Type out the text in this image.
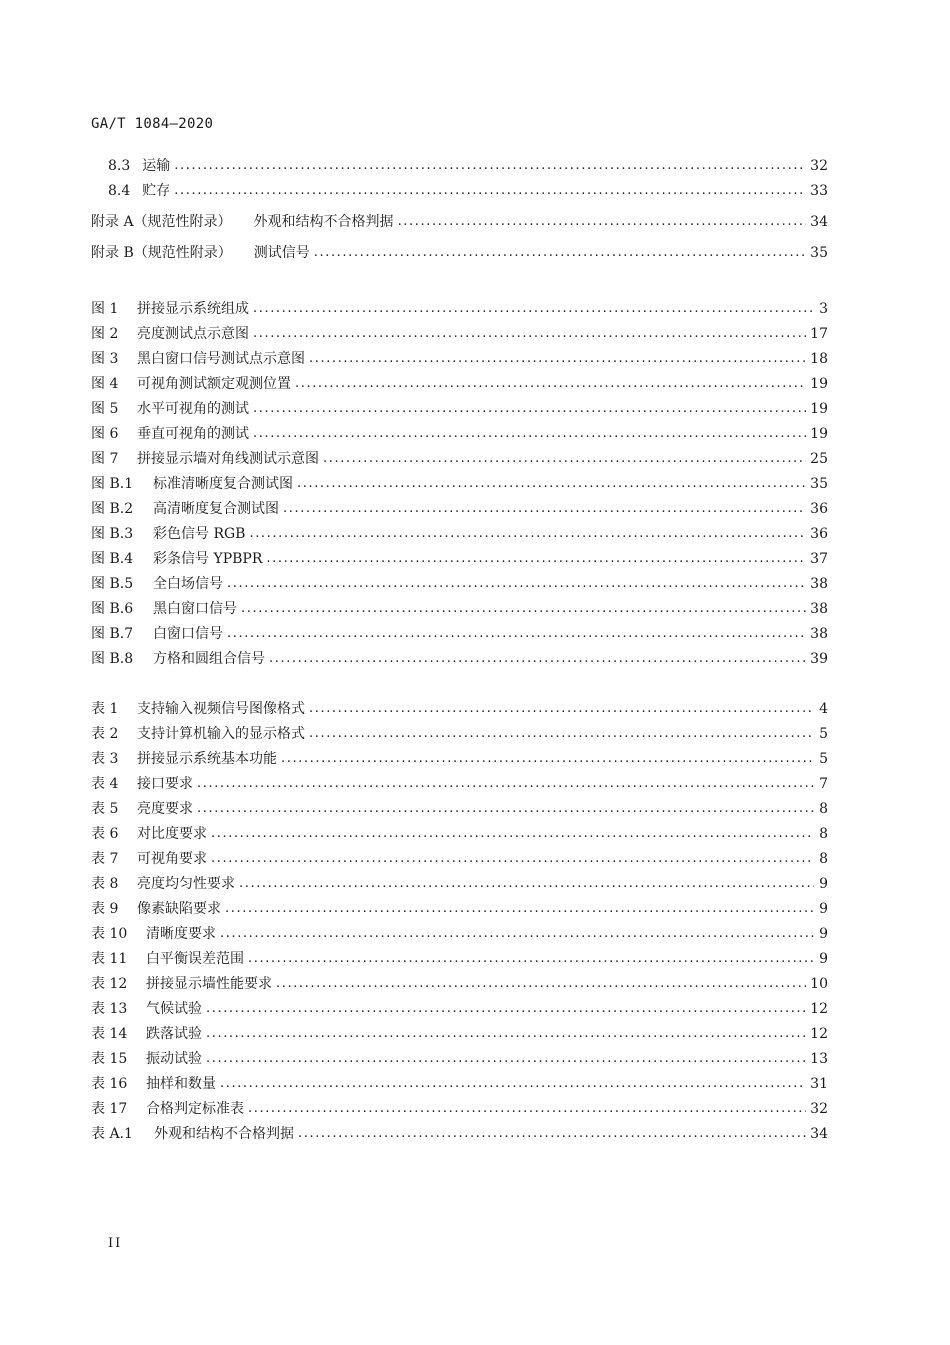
GA/T 1084—2020
8.3 运输 .....	32
8.4 贮存 .....	33
附录 A（规范性附录） 外观和结构不合格判据 .....	34
附录 B（规范性附录） 测试信号 .....	35
图 1	拼接显示系统组成 .....	3
图 2	亮度测试点示意图 .....	17
图 3	黑白窗口信号测试点示意图 .....	18
图 4	可视角测试额定观测位置 .....	19
图 5	水平可视角的测试 .....	19
图 6	垂直可视角的测试 .....	19
图 7	拼接显示墙对角线测试示意图 .....	25
图 B.1	标准清晰度复合测试图 .....	35
图 B.2	高清晰度复合测试图 .....	36
图 B.3	彩色信号 RGB .....	36
图 B.4	彩条信号 YPBPR .....	37
图 B.5	全白场信号 .....	38
图 B.6	黑白窗口信号 .....	38
图 B.7	白窗口信号 .....	38
图 B.8	方格和圆组合信号 .....	39
表 1	支持输入视频信号图像格式 .....	4
表 2	支持计算机输入的显示格式 .....	5
表 3	拼接显示系统基本功能 .....	5
表 4	接口要求 .....	7
表 5	亮度要求 .....	8
表 6	对比度要求 .....	8
表 7	可视角要求 .....	8
表 8	亮度均匀性要求 .....	9
表 9	像素缺陷要求 .....	9
表 10	清晰度要求 .....	9
表 11	白平衡误差范围 .....	9
表 12	拼接显示墙性能要求 .....	10
表 13	气候试验 .....	12
表 14	跌落试验 .....	12
表 15	振动试验 .....	13
表 16	抽样和数量 .....	31
表 17	合格判定标准表 .....	32
表 A.1	外观和结构不合格判据 .....	34
II
